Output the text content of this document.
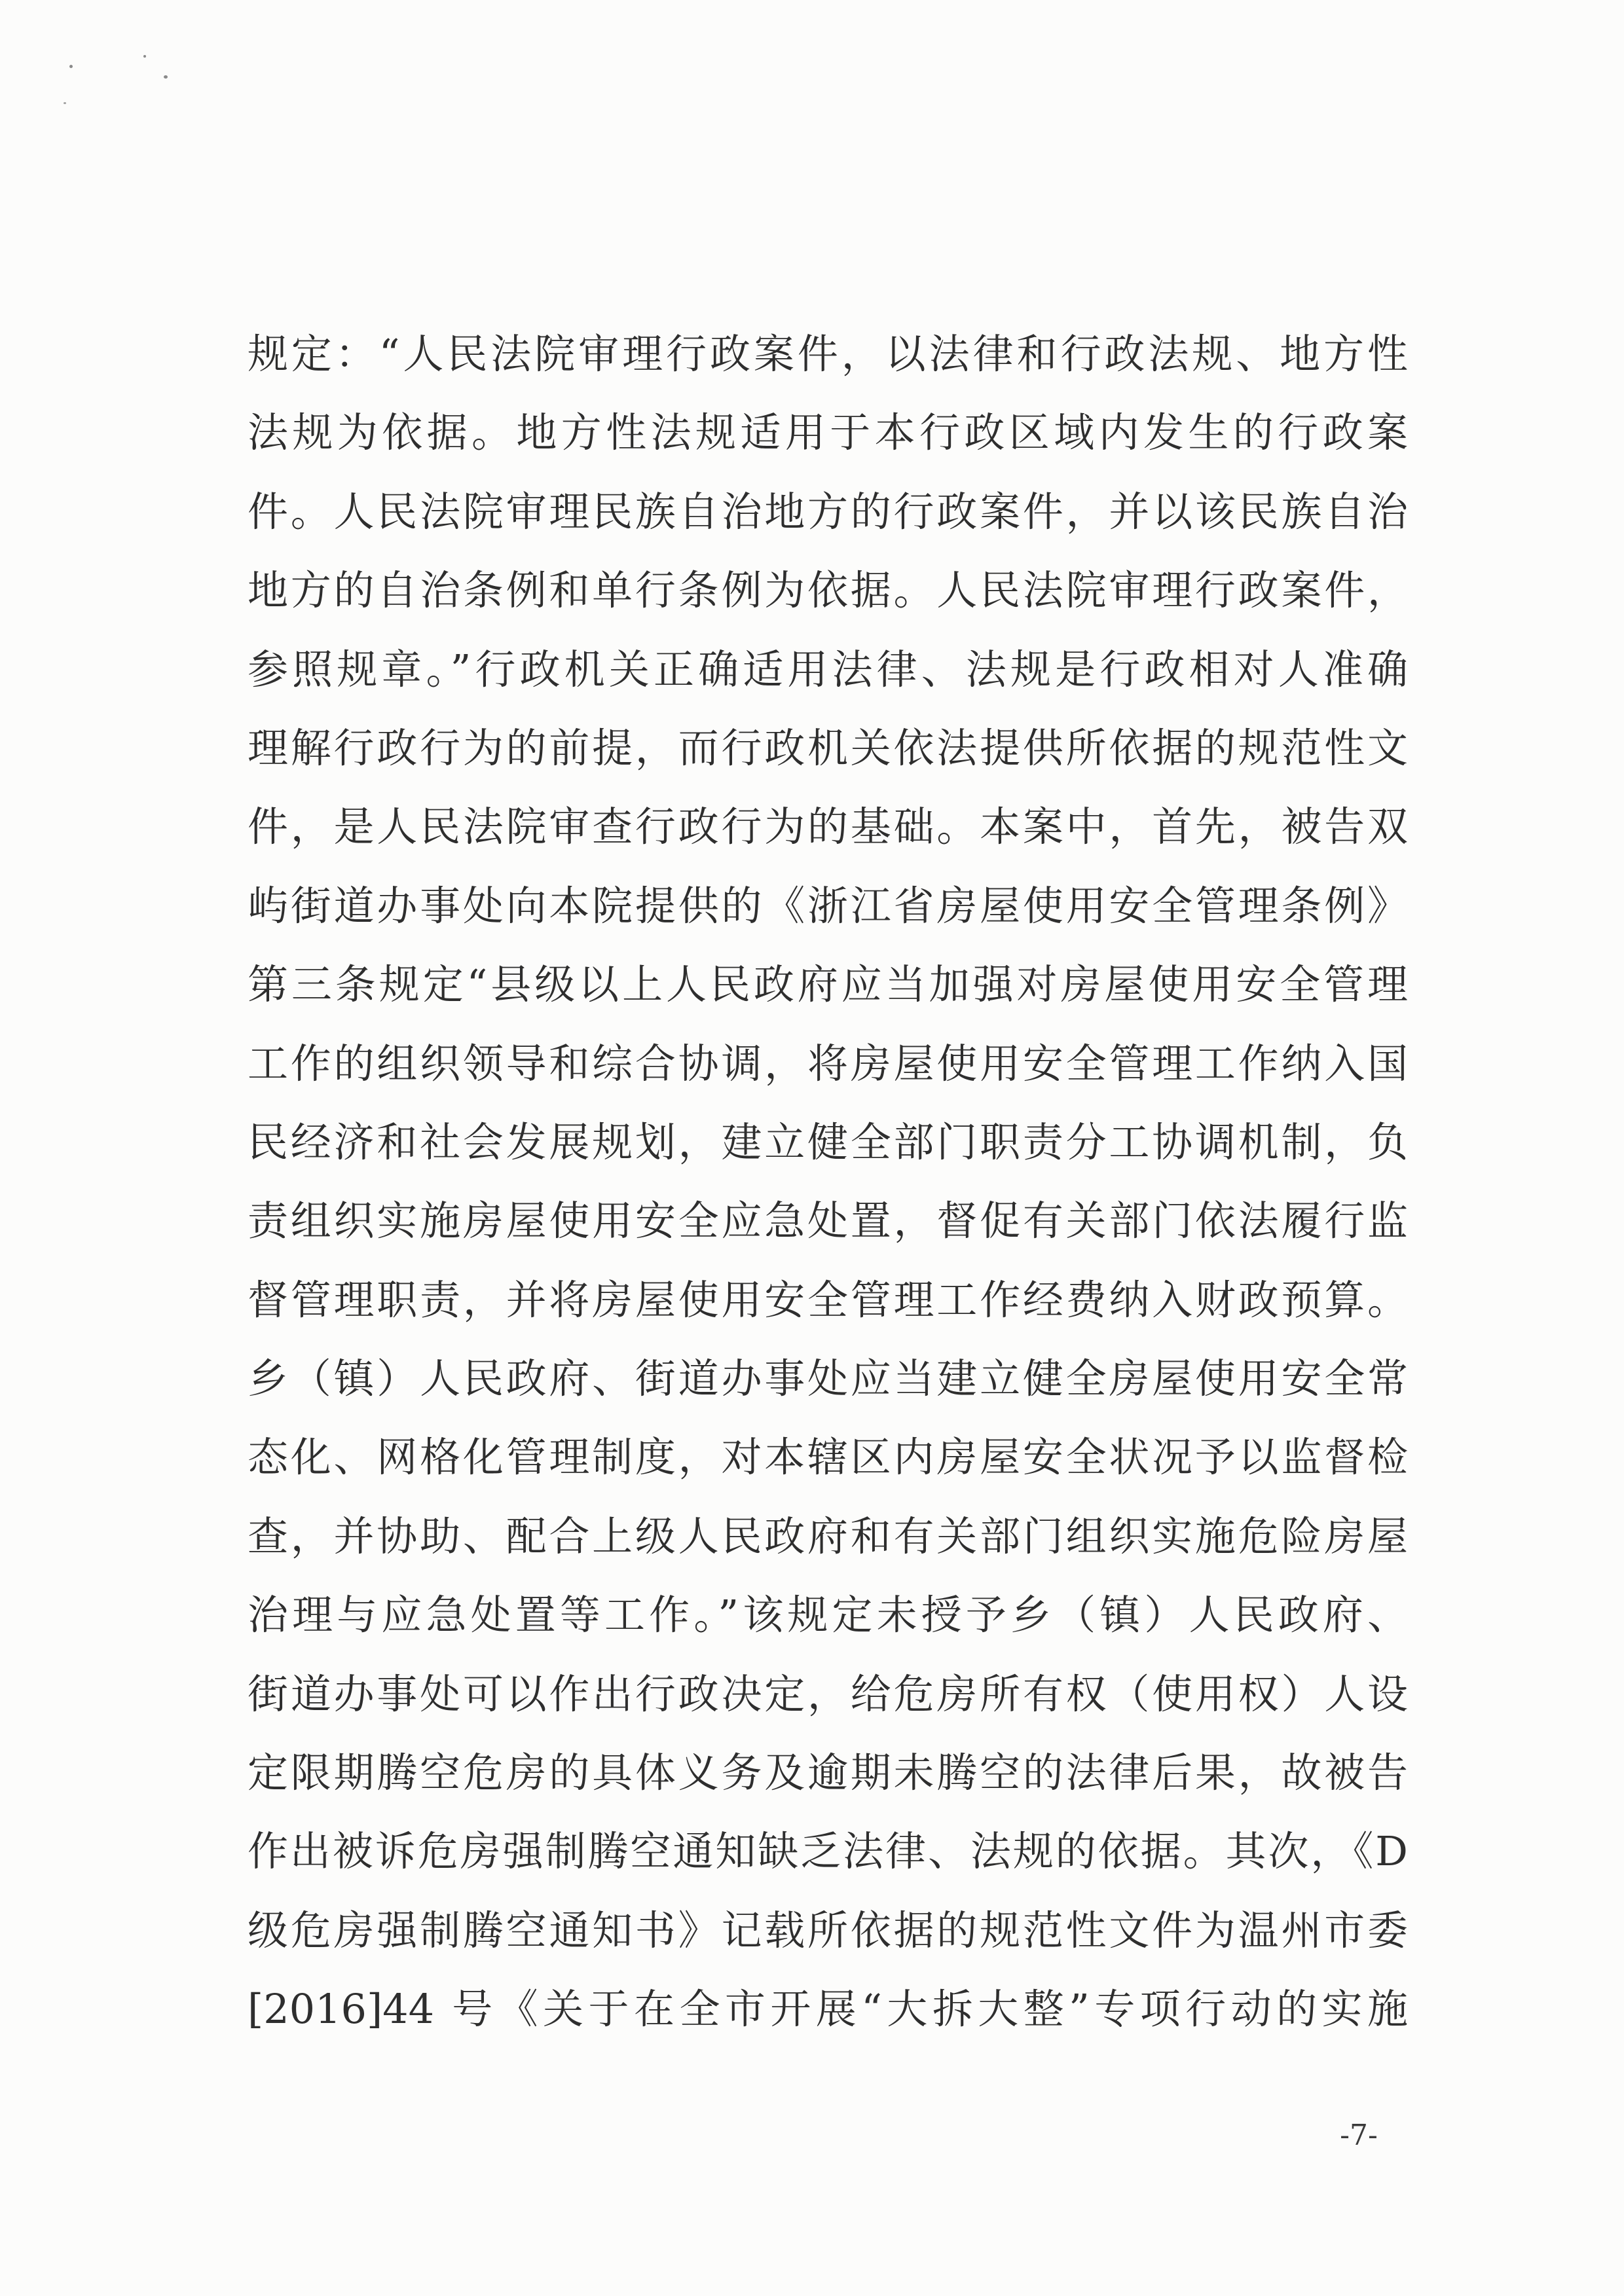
规定：“人民法院审理行政案件，以法律和行政法规、地方性
法规为依据。地方性法规适用于本行政区域内发生的行政案
件。人民法院审理民族自治地方的行政案件，并以该民族自治
地方的自治条例和单行条例为依据。人民法院审理行政案件，
参照规章。”行政机关正确适用法律、法规是行政相对人准确
理解行政行为的前提，而行政机关依法提供所依据的规范性文
件，是人民法院审查行政行为的基础。本案中，首先，被告双
屿街道办事处向本院提供的《浙江省房屋使用安全管理条例》
第三条规定“县级以上人民政府应当加强对房屋使用安全管理
工作的组织领导和综合协调，将房屋使用安全管理工作纳入国
民经济和社会发展规划，建立健全部门职责分工协调机制，负
责组织实施房屋使用安全应急处置，督促有关部门依法履行监
督管理职责，并将房屋使用安全管理工作经费纳入财政预算。
乡（镇）人民政府、街道办事处应当建立健全房屋使用安全常
态化、网格化管理制度，对本辖区内房屋安全状况予以监督检
查，并协助、配合上级人民政府和有关部门组织实施危险房屋
治理与应急处置等工作。”该规定未授予乡（镇）人民政府、
街道办事处可以作出行政决定，给危房所有权（使用权）人设
定限期腾空危房的具体义务及逾期未腾空的法律后果，故被告
作出被诉危房强制腾空通知缺乏法律、法规的依据。其次，《D
级危房强制腾空通知书》记载所依据的规范性文件为温州市委
[2016]44 号《关于在全市开展“大拆大整”专项行动的实施
-7-
